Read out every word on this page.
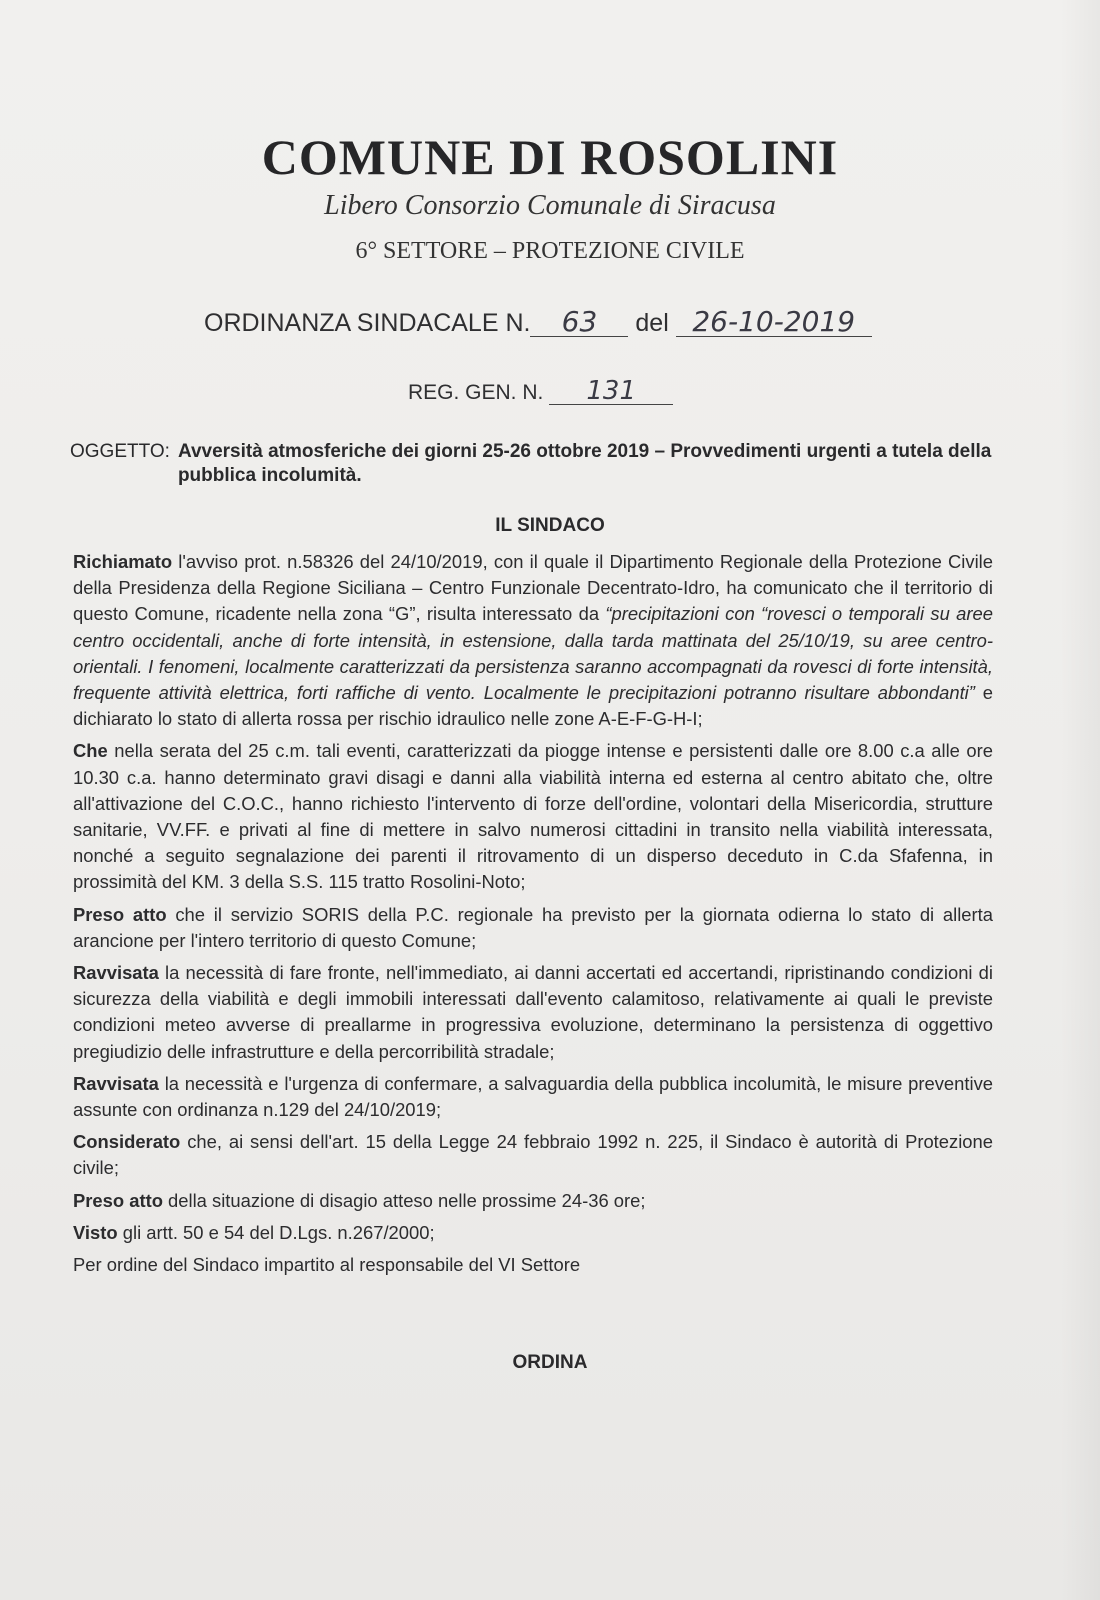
COMUNE DI ROSOLINI
Libero Consorzio Comunale di Siracusa
6° SETTORE – PROTEZIONE CIVILE
ORDINANZA SINDACALE N. 63 del 26-10-2019
REG. GEN. N. 131
OGGETTO: Avversità atmosferiche dei giorni 25-26 ottobre 2019 – Provvedimenti urgenti a tutela della pubblica incolumità.
IL SINDACO

Richiamato l'avviso prot. n.58326 del 24/10/2019, con il quale il Dipartimento Regionale della Protezione Civile della Presidenza della Regione Siciliana – Centro Funzionale Decentrato-Idro, ha comunicato che il territorio di questo Comune, ricadente nella zona “G”, risulta interessato da “precipitazioni con “rovesci o temporali su aree centro occidentali, anche di forte intensità, in estensione, dalla tarda mattinata del 25/10/19, su aree centro-orientali. I fenomeni, localmente caratterizzati da persistenza saranno accompagnati da rovesci di forte intensità, frequente attività elettrica, forti raffiche di vento. Localmente le precipitazioni potranno risultare abbondanti” e dichiarato lo stato di allerta rossa per rischio idraulico nelle zone A-E-F-G-H-I;

Che nella serata del 25 c.m. tali eventi, caratterizzati da piogge intense e persistenti dalle ore 8.00 c.a alle ore 10.30 c.a. hanno determinato gravi disagi e danni alla viabilità interna ed esterna al centro abitato che, oltre all'attivazione del C.O.C., hanno richiesto l'intervento di forze dell'ordine, volontari della Misericordia, strutture sanitarie, VV.FF. e privati al fine di mettere in salvo numerosi cittadini in transito nella viabilità interessata, nonché a seguito segnalazione dei parenti il ritrovamento di un disperso deceduto in C.da Sfafenna, in prossimità del KM. 3 della S.S. 115 tratto Rosolini-Noto;

Preso atto che il servizio SORIS della P.C. regionale ha previsto per la giornata odierna lo stato di allerta arancione per l'intero territorio di questo Comune;

Ravvisata la necessità di fare fronte, nell'immediato, ai danni accertati ed accertandi, ripristinando condizioni di sicurezza della viabilità e degli immobili interessati dall'evento calamitoso, relativamente ai quali le previste condizioni meteo avverse di preallarme in progressiva evoluzione, determinano la persistenza di oggettivo pregiudizio delle infrastrutture e della percorribilità stradale;

Ravvisata la necessità e l'urgenza di confermare, a salvaguardia della pubblica incolumità, le misure preventive assunte con ordinanza n.129 del 24/10/2019;

Considerato che, ai sensi dell'art. 15 della Legge 24 febbraio 1992 n. 225, il Sindaco è autorità di Protezione civile;

Preso atto della situazione di disagio atteso nelle prossime 24-36 ore;

Visto gli artt. 50 e 54 del D.Lgs. n.267/2000;

Per ordine del Sindaco impartito al responsabile del VI Settore

ORDINA
